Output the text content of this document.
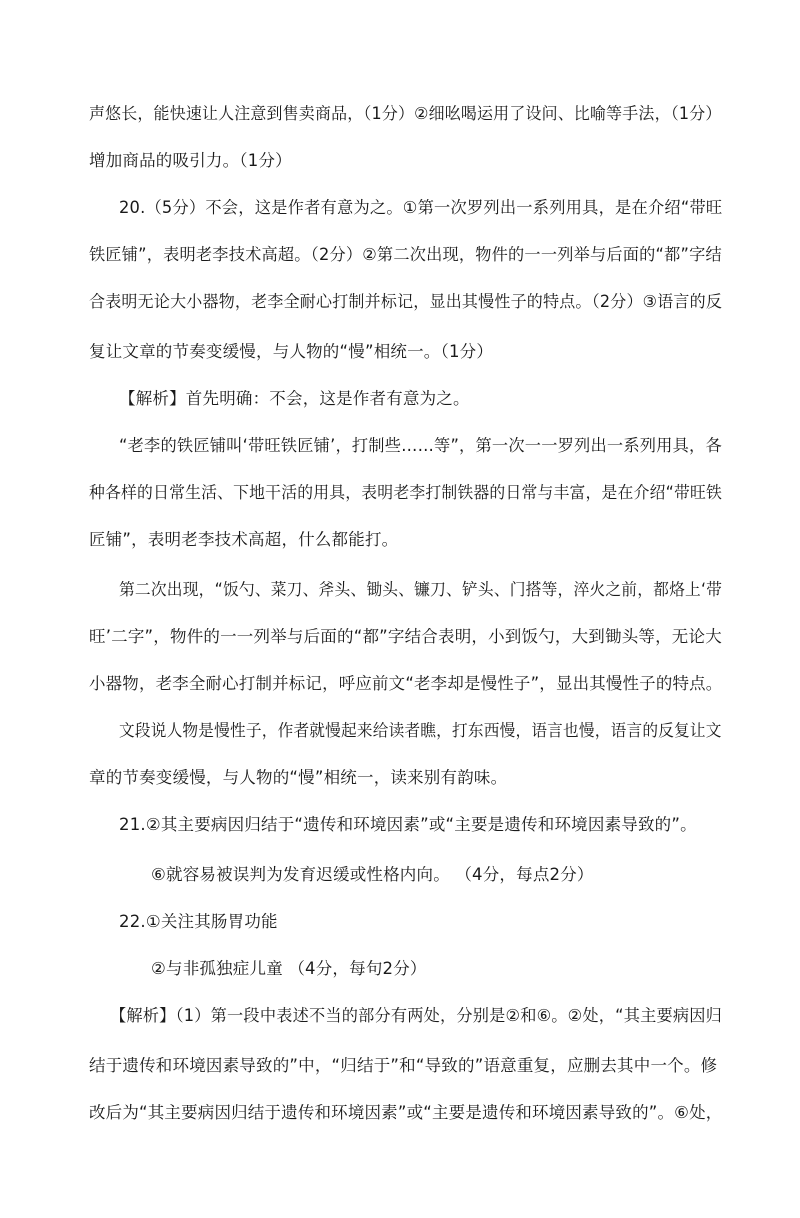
声悠长，能快速让人注意到售卖商品，（1分）②细吆喝运用了设问、比喻等手法，（1分）
增加商品的吸引力。（1分）
20.（5分）不会，这是作者有意为之。①第一次罗列出一系列用具，是在介绍“带旺
铁匠铺”，表明老李技术高超。（2分）②第二次出现，物件的一一列举与后面的“都”字结
合表明无论大小器物，老李全耐心打制并标记，显出其慢性子的特点。（2分）③语言的反
复让文章的节奏变缓慢，与人物的“慢”相统一。（1分）
【解析】首先明确：不会，这是作者有意为之。
“老李的铁匠铺叫‘带旺铁匠铺’，打制些……等”，第一次一一罗列出一系列用具，各
种各样的日常生活、下地干活的用具，表明老李打制铁器的日常与丰富，是在介绍“带旺铁
匠铺”，表明老李技术高超，什么都能打。
第二次出现，“饭勺、菜刀、斧头、锄头、镰刀、铲头、门搭等，淬火之前，都烙上‘带
旺’二字”，物件的一一列举与后面的“都”字结合表明，小到饭勺，大到锄头等，无论大
小器物，老李全耐心打制并标记，呼应前文“老李却是慢性子”，显出其慢性子的特点。
文段说人物是慢性子，作者就慢起来给读者瞧，打东西慢，语言也慢，语言的反复让文
章的节奏变缓慢，与人物的“慢”相统一，读来别有韵味。
21.②其主要病因归结于“遗传和环境因素”或“主要是遗传和环境因素导致的”。
⑥就容易被误判为发育迟缓或性格内向。 （4分，每点2分）
22.①关注其肠胃功能
②与非孤独症儿童 （4分，每句2分）
【解析】（1）第一段中表述不当的部分有两处，分别是②和⑥。②处，“其主要病因归
结于遗传和环境因素导致的”中，“归结于”和“导致的”语意重复，应删去其中一个。修
改后为“其主要病因归结于遗传和环境因素”或“主要是遗传和环境因素导致的”。⑥处，
